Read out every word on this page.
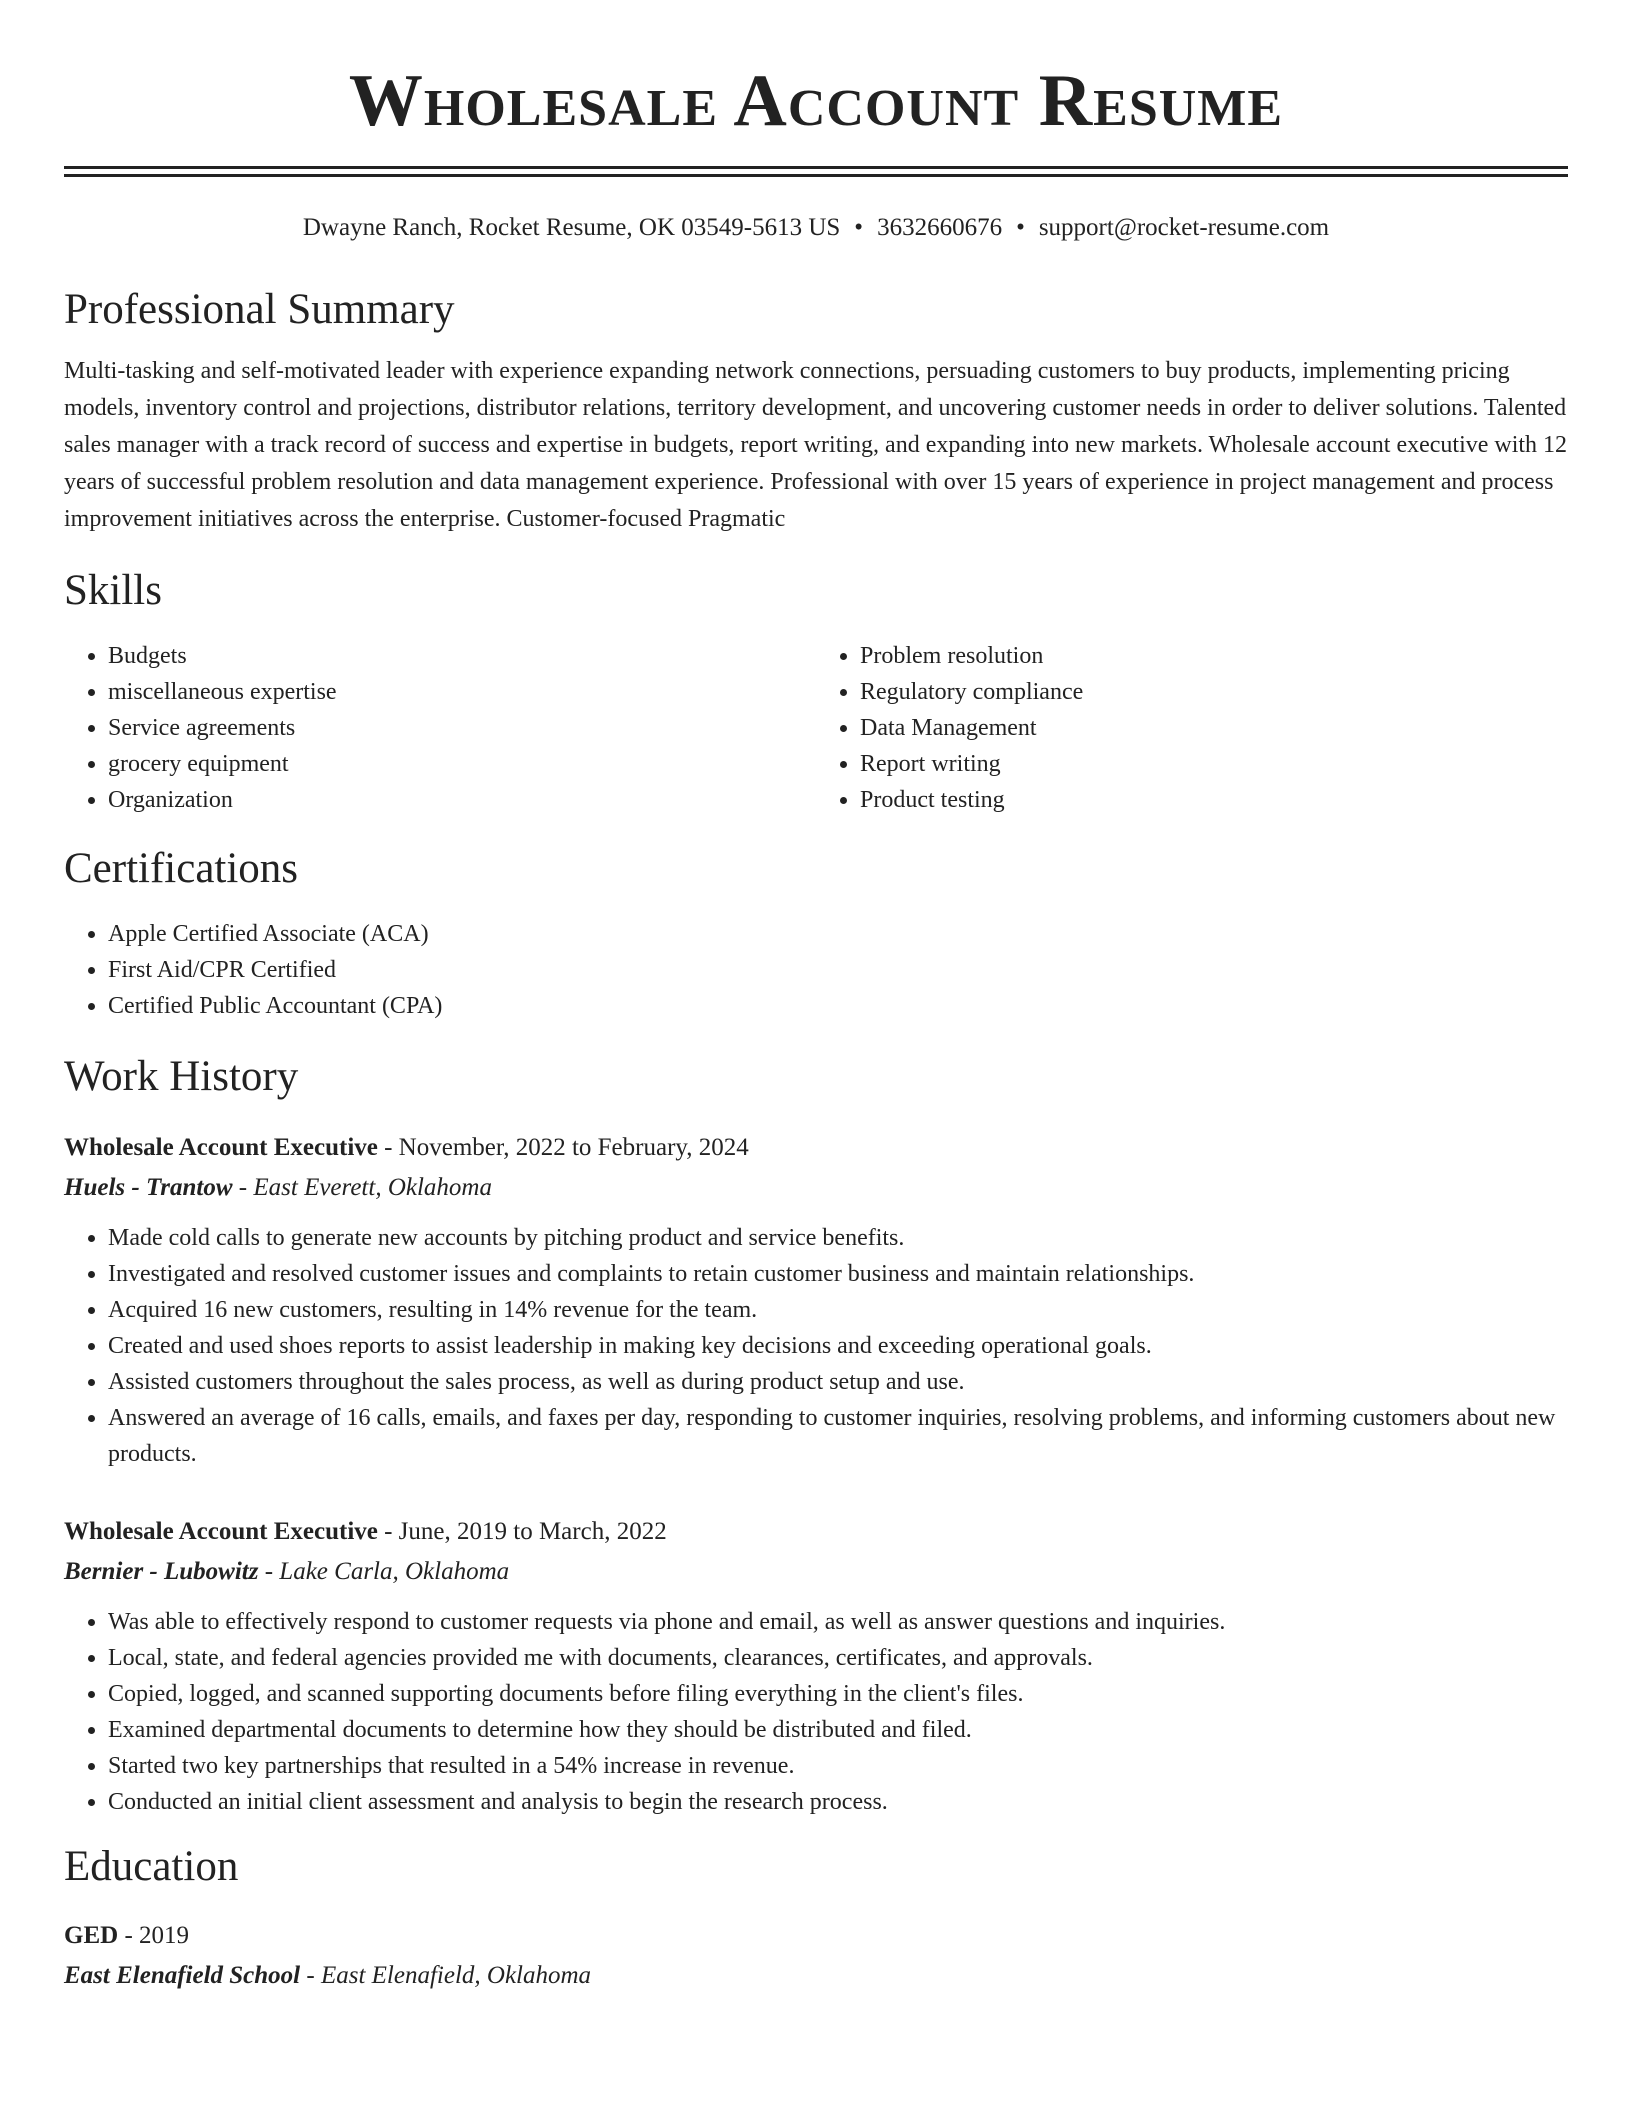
Wholesale Account Resume
Dwayne Ranch, Rocket Resume, OK 03549-5613 US • 3632660676 • support@rocket-resume.com
Professional Summary
Multi-tasking and self-motivated leader with experience expanding network connections, persuading customers to buy products, implementing pricing models, inventory control and projections, distributor relations, territory development, and uncovering customer needs in order to deliver solutions. Talented sales manager with a track record of success and expertise in budgets, report writing, and expanding into new markets. Wholesale account executive with 12 years of successful problem resolution and data management experience. Professional with over 15 years of experience in project management and process improvement initiatives across the enterprise. Customer-focused Pragmatic
Skills
• Budgets
• miscellaneous expertise
• Service agreements
• grocery equipment
• Organization
• Problem resolution
• Regulatory compliance
• Data Management
• Report writing
• Product testing
Certifications
• Apple Certified Associate (ACA)
• First Aid/CPR Certified
• Certified Public Accountant (CPA)
Work History
Wholesale Account Executive - November, 2022 to February, 2024
Huels - Trantow - East Everett, Oklahoma
• Made cold calls to generate new accounts by pitching product and service benefits.
• Investigated and resolved customer issues and complaints to retain customer business and maintain relationships.
• Acquired 16 new customers, resulting in 14% revenue for the team.
• Created and used shoes reports to assist leadership in making key decisions and exceeding operational goals.
• Assisted customers throughout the sales process, as well as during product setup and use.
• Answered an average of 16 calls, emails, and faxes per day, responding to customer inquiries, resolving problems, and informing customers about new products.
Wholesale Account Executive - June, 2019 to March, 2022
Bernier - Lubowitz - Lake Carla, Oklahoma
• Was able to effectively respond to customer requests via phone and email, as well as answer questions and inquiries.
• Local, state, and federal agencies provided me with documents, clearances, certificates, and approvals.
• Copied, logged, and scanned supporting documents before filing everything in the client's files.
• Examined departmental documents to determine how they should be distributed and filed.
• Started two key partnerships that resulted in a 54% increase in revenue.
• Conducted an initial client assessment and analysis to begin the research process.
Education
GED - 2019
East Elenafield School - East Elenafield, Oklahoma
